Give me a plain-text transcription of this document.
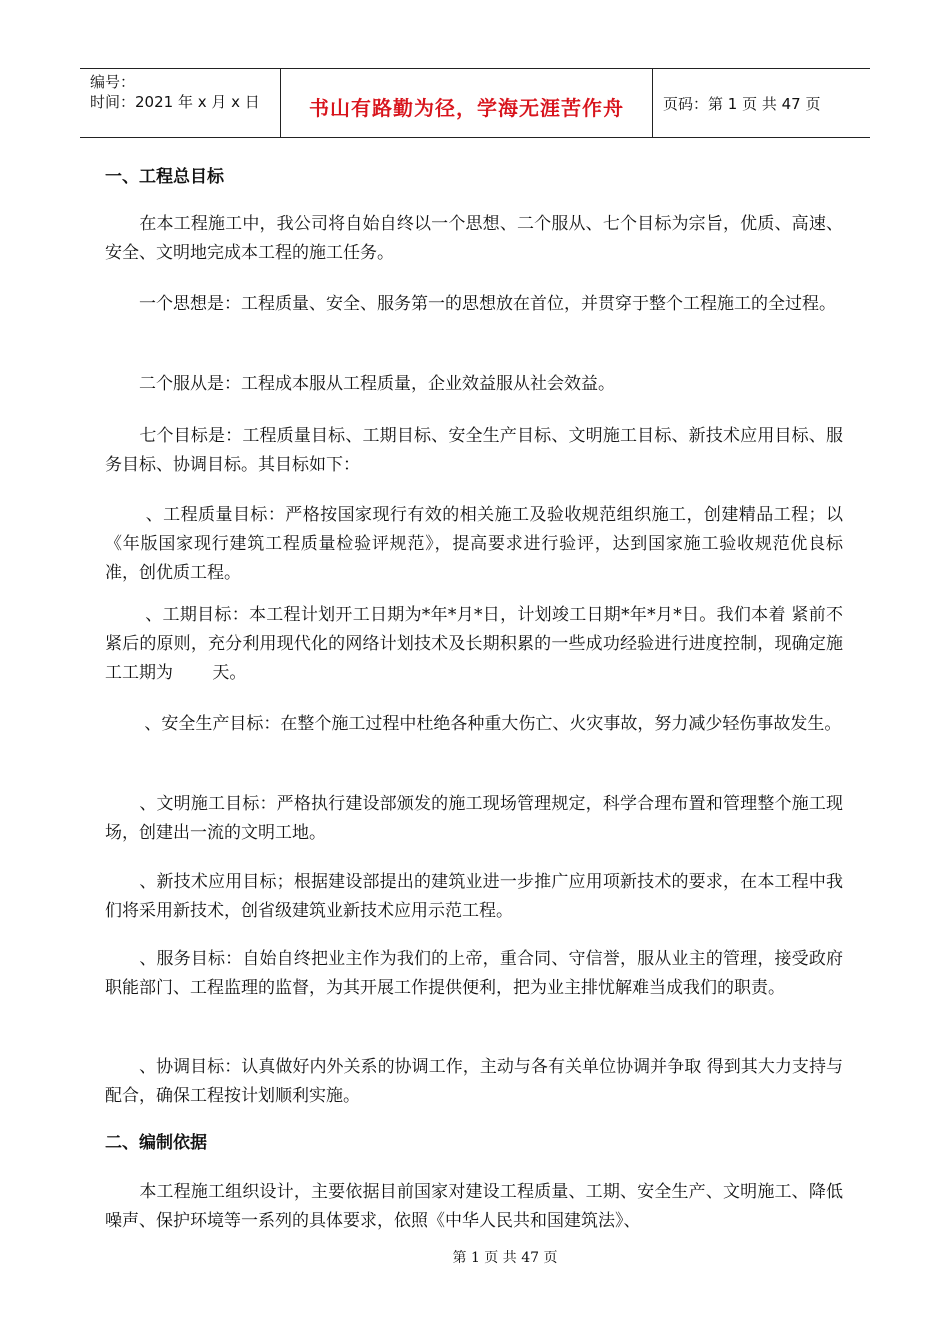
编号：
时间：2021 年 x 月 x 日 书山有路勤为径，学海无涯苦作舟	页码：第 1 页 共 47 页
一、工程总目标

　　在本工程施工中，我公司将自始自终以一个思想、二个服从、七个目标为宗旨，优质、高速、安全、文明地完成本工程的施工任务。

　　一个思想是：工程质量、安全、服务第一的思想放在首位，并贯穿于整个工程施工的全过程。

　　二个服从是：工程成本服从工程质量，企业效益服从社会效益。

　　七个目标是：工程质量目标、工期目标、安全生产目标、文明施工目标、新技术应用目标、服务目标、协调目标。其目标如下：

　　 、工程质量目标：严格按国家现行有效的相关施工及验收规范组织施工，创建精品工程；以《年版国家现行建筑工程质量检验评规范》，提高要求进行验评，达到国家施工验收规范优良标准，创优质工程。

　　 、工期目标：本工程计划开工日期为*年*月*日，计划竣工日期*年*月*日。我们本着 紧前不紧后的原则，充分利用现代化的网络计划技术及长期积累的一些成功经验进行进度控制，现确定施工工期为　　 天。

　　 、安全生产目标：在整个施工过程中杜绝各种重大伤亡、火灾事故，努力减少轻伤事故发生。

　　、文明施工目标：严格执行建设部颁发的施工现场管理规定，科学合理布置和管理整个施工现场，创建出一流的文明工地。

　　、新技术应用目标；根据建设部提出的建筑业进一步推广应用项新技术的要求，在本工程中我们将采用新技术，创省级建筑业新技术应用示范工程。

　　、服务目标：自始自终把业主作为我们的上帝，重合同、守信誉，服从业主的管理，接受政府职能部门、工程监理的监督，为其开展工作提供便利，把为业主排忧解难当成我们的职责。

　　、协调目标：认真做好内外关系的协调工作，主动与各有关单位协调并争取 得到其大力支持与配合，确保工程按计划顺利实施。

二、编制依据

　　本工程施工组织设计，主要依据目前国家对建设工程质量、工期、安全生产、文明施工、降低噪声、保护环境等一系列的具体要求，依照《中华人民共和国建筑法》、

第 1 页 共 47 页
